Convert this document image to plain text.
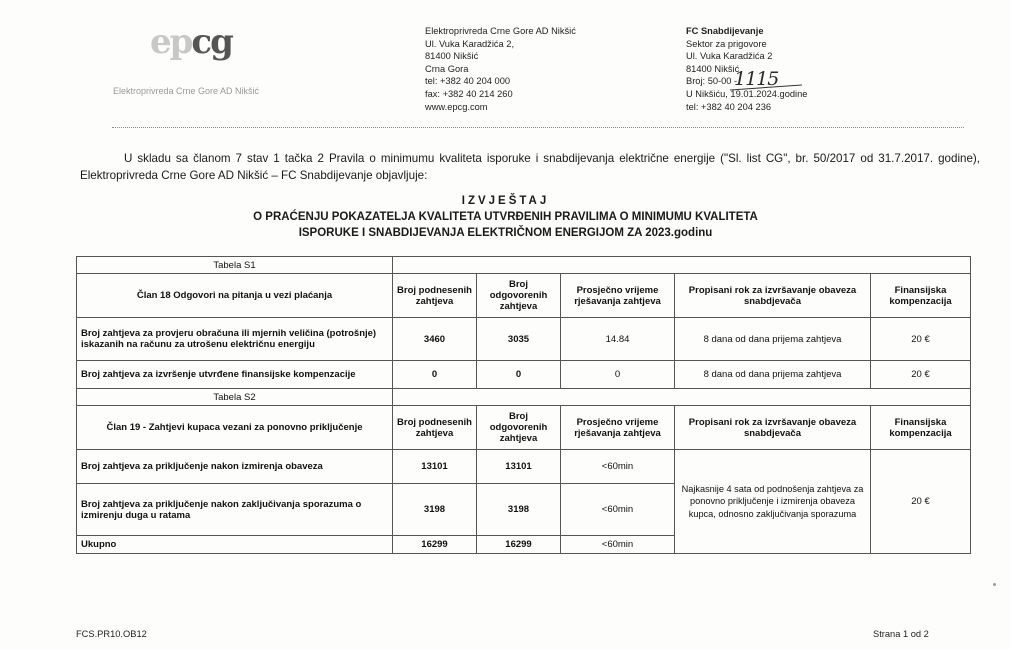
epcg
Elektroprivreda Crne Gore AD Nikšić
Elektroprivreda Crne Gore AD Nikšić
Ul. Vuka Karadžića 2,
81400 Nikšić
Crna Gora
tel: +382 40 204 000
fax: +382 40 214 260
www.epcg.com
FC Snabdijevanje
Sektor za prigovore
Ul. Vuka Karadžića 2
81400 Nikšić
Broj: 50-00 -
U Nikšiću, 19.01.2024.godine
tel: +382 40 204 236
1115
U skladu sa članom 7 stav 1 tačka 2 Pravila o minimumu kvaliteta isporuke i snabdijevanja električne energije ("Sl. list CG", br. 50/2017 od 31.7.2017. godine), Elektroprivreda Crne Gore AD Nikšić – FC Snabdijevanje objavljuje:
IZVJEŠTAJ
O PRAĆENJU POKAZATELJA KVALITETA UTVRĐENIH PRAVILIMA O MINIMUMU KVALITETA
ISPORUKE I SNABDIJEVANJA ELEKTRIČNOM ENERGIJOM ZA 2023.godinu
Tabela S1					
Član 18 Odgovori na pitanja u vezi plaćanja	Broj podnesenih zahtjeva	Broj odgovorenih zahtjeva	Prosječno vrijeme rješavanja zahtjeva	Propisani rok za izvršavanje obaveza snabdjevača	Finansijska kompenzacija
Broj zahtjeva za provjeru obračuna ili mjernih veličina (potrošnje) iskazanih na računu za utrošenu električnu energiju	3460	3035	14.84	8 dana od dana prijema zahtjeva	20 €
Broj zahtjeva za izvršenje utvrđene finansijske kompenzacije	0	0	0	8 dana od dana prijema zahtjeva	20 €
Tabela S2					
Član 19 - Zahtjevi kupaca vezani za ponovno priključenje	Broj podnesenih zahtjeva	Broj odgovorenih zahtjeva	Prosječno vrijeme rješavanja zahtjeva	Propisani rok za izvršavanje obaveza snabdjevača	Finansijska kompenzacija
Broj zahtjeva za priključenje nakon izmirenja obaveza	13101	13101	<60min	Najkasnije 4 sata od podnošenja zahtjeva za ponovno priključenje i izmirenja obaveza kupca, odnosno zaključivanja sporazuma	20 €
Broj zahtjeva za priključenje nakon zaključivanja sporazuma o izmirenju duga u ratama	3198	3198	<60min		
Ukupno	16299	16299	<60min		
FCS.PR10.OB12	Strana 1 od 2
